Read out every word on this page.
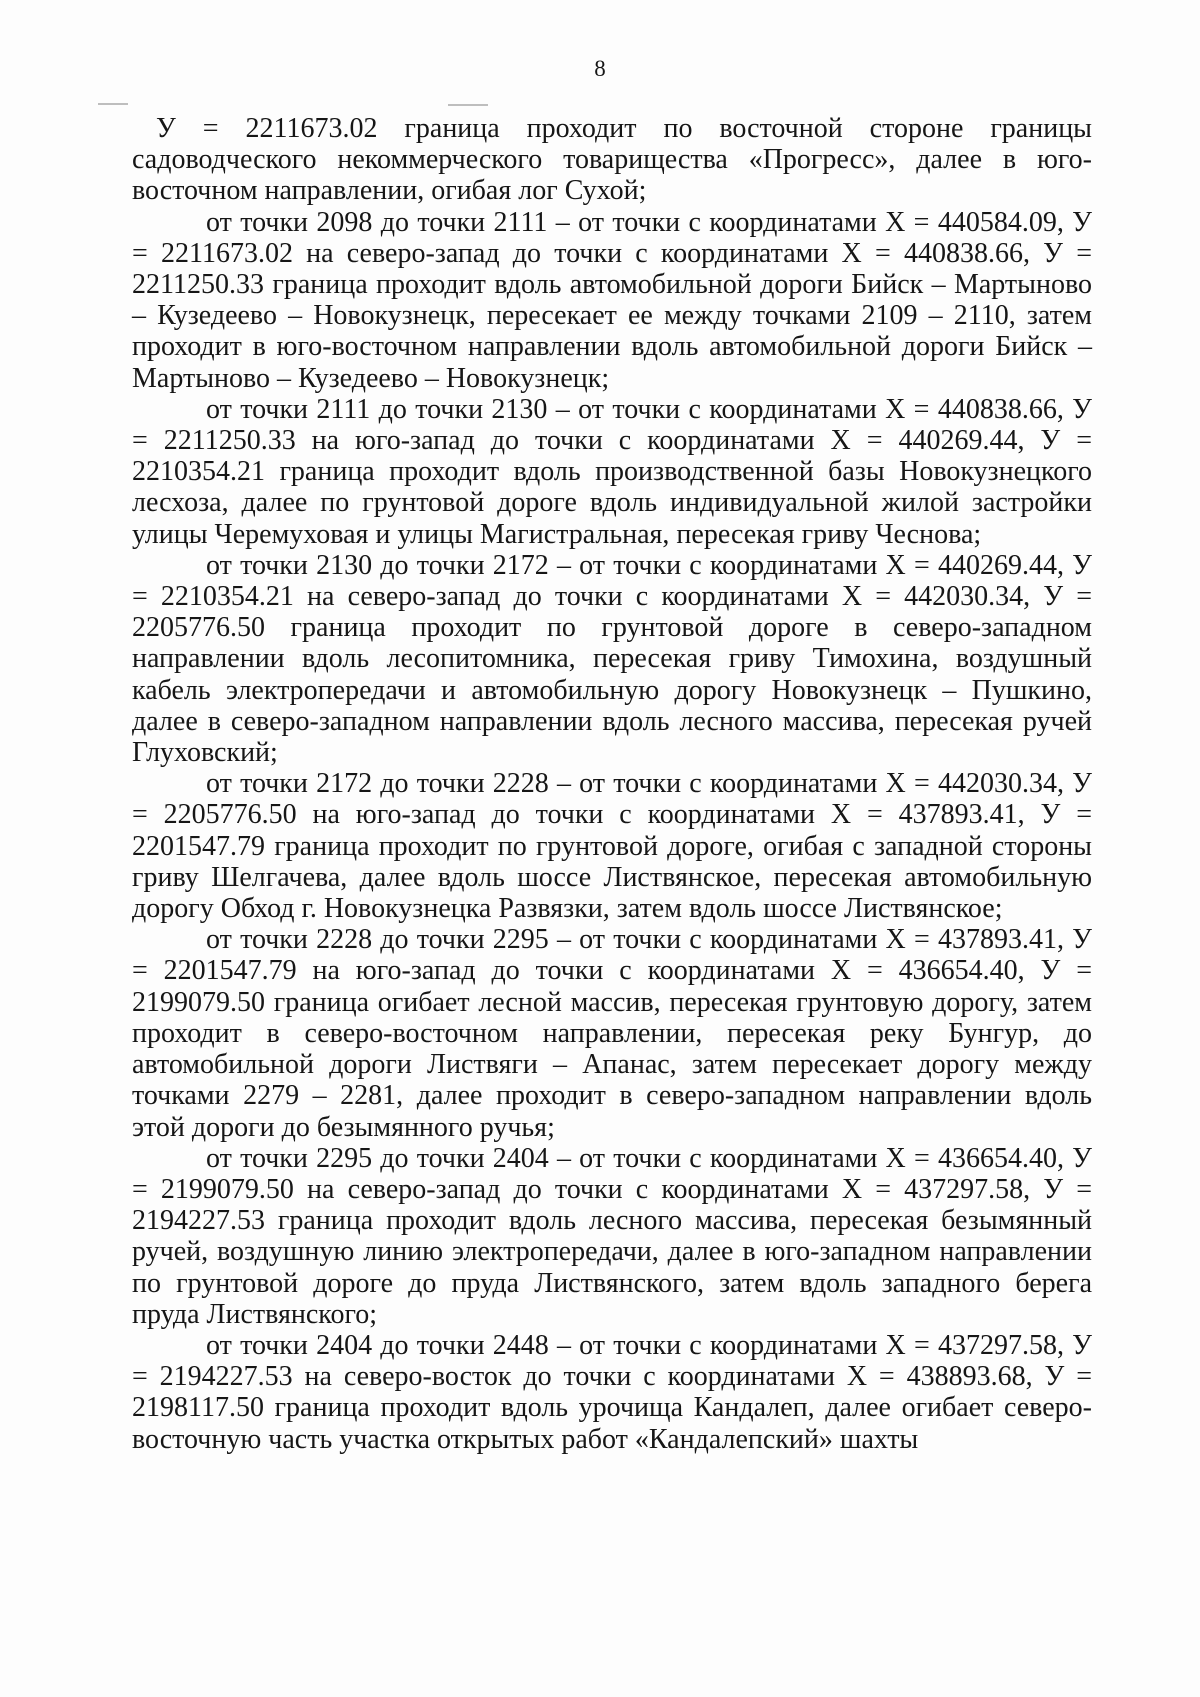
8

У = 2211673.02 граница проходит по восточной стороне границы садоводческого некоммерческого товарищества «Прогресс», далее в юго-восточном направлении, огибая лог Сухой;

от точки 2098 до точки 2111 – от точки с координатами Х = 440584.09, У = 2211673.02 на северо-запад до точки с координатами Х = 440838.66, У = 2211250.33 граница проходит вдоль автомобильной дороги Бийск – Мартыново – Кузедеево – Новокузнецк, пересекает ее между точками 2109 – 2110, затем проходит в юго-восточном направлении вдоль автомобильной дороги Бийск – Мартыново – Кузедеево – Новокузнецк;

от точки 2111 до точки 2130 – от точки с координатами Х = 440838.66, У = 2211250.33 на юго-запад до точки с координатами Х = 440269.44, У = 2210354.21 граница проходит вдоль производственной базы Новокузнецкого лесхоза, далее по грунтовой дороге вдоль индивидуальной жилой застройки улицы Черемуховая и улицы Магистральная, пересекая гриву Чеснова;

от точки 2130 до точки 2172 – от точки с координатами Х = 440269.44, У = 2210354.21 на северо-запад до точки с координатами Х = 442030.34, У = 2205776.50 граница проходит по грунтовой дороге в северо-западном направлении вдоль лесопитомника, пересекая гриву Тимохина, воздушный кабель электропередачи и автомобильную дорогу Новокузнецк – Пушкино, далее в северо-западном направлении вдоль лесного массива, пересекая ручей Глуховский;

от точки 2172 до точки 2228 – от точки с координатами Х = 442030.34, У = 2205776.50 на юго-запад до точки с координатами Х = 437893.41, У = 2201547.79 граница проходит по грунтовой дороге, огибая с западной стороны гриву Шелгачева, далее вдоль шоссе Листвянское, пересекая автомобильную дорогу Обход г. Новокузнецка Развязки, затем вдоль шоссе Листвянское;

от точки 2228 до точки 2295 – от точки с координатами Х = 437893.41, У = 2201547.79 на юго-запад до точки с координатами Х = 436654.40, У = 2199079.50 граница огибает лесной массив, пересекая грунтовую дорогу, затем проходит в северо-восточном направлении, пересекая реку Бунгур, до автомобильной дороги Листвяги – Апанас, затем пересекает дорогу между точками 2279 – 2281, далее проходит в северо-западном направлении вдоль этой дороги до безымянного ручья;

от точки 2295 до точки 2404 – от точки с координатами Х = 436654.40, У = 2199079.50 на северо-запад до точки с координатами Х = 437297.58, У = 2194227.53 граница проходит вдоль лесного массива, пересекая безымянный ручей, воздушную линию электропередачи, далее в юго-западном направлении по грунтовой дороге до пруда Листвянского, затем вдоль западного берега пруда Листвянского;

от точки 2404 до точки 2448 – от точки с координатами Х = 437297.58, У = 2194227.53 на северо-восток до точки с координатами Х = 438893.68, У = 2198117.50 граница проходит вдоль урочища Кандалеп, далее огибает северо-восточную часть участка открытых работ «Кандалепский» шахты
